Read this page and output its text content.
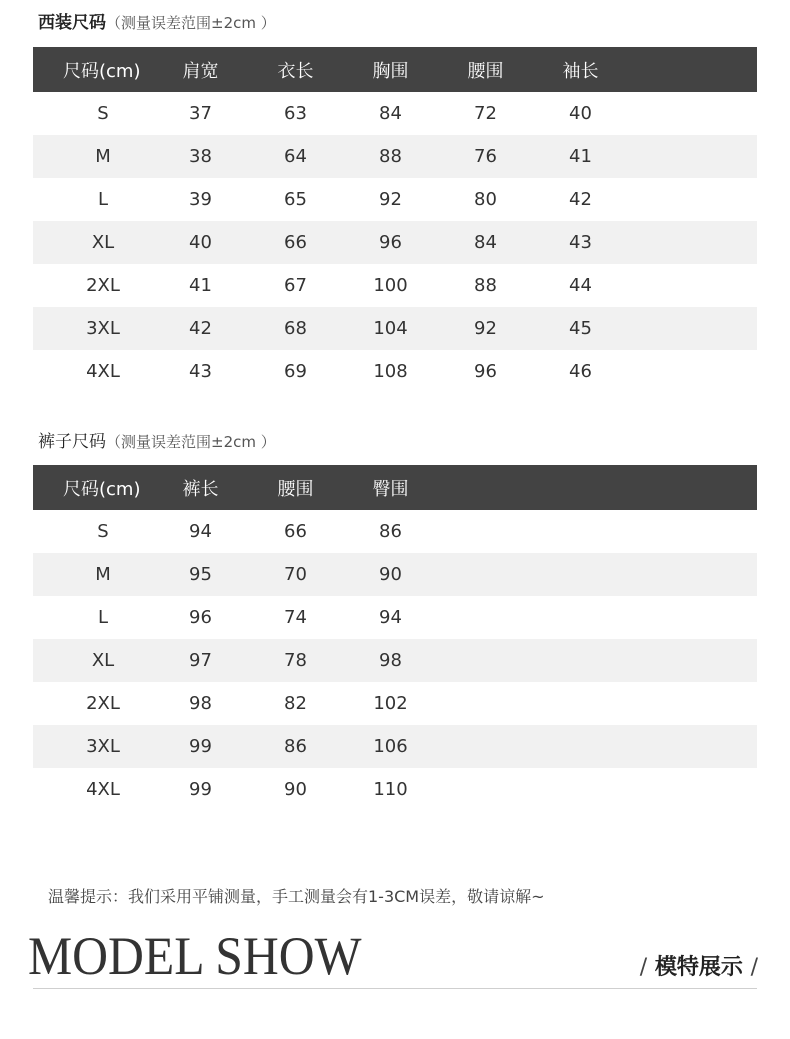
西装尺码（测量误差范围±2cm ）
尺码(cm)	肩宽	衣长	胸围	腰围	袖长	
S	37	63	84	72	40	
M	38	64	88	76	41	
L	39	65	92	80	42	
XL	40	66	96	84	43	
2XL	41	67	100	88	44	
3XL	42	68	104	92	45	
4XL	43	69	108	96	46	
裤子尺码（测量误差范围±2cm ）
尺码(cm)	裤长	腰围	臀围	
S	94	66	86	
M	95	70	90	
L	96	74	94	
XL	97	78	98	
2XL	98	82	102	
3XL	99	86	106	
4XL	99	90	110	
温馨提示：我们采用平铺测量，手工测量会有1-3CM误差，敬请谅解~
MODEL SHOW	/ 模特展示 /
